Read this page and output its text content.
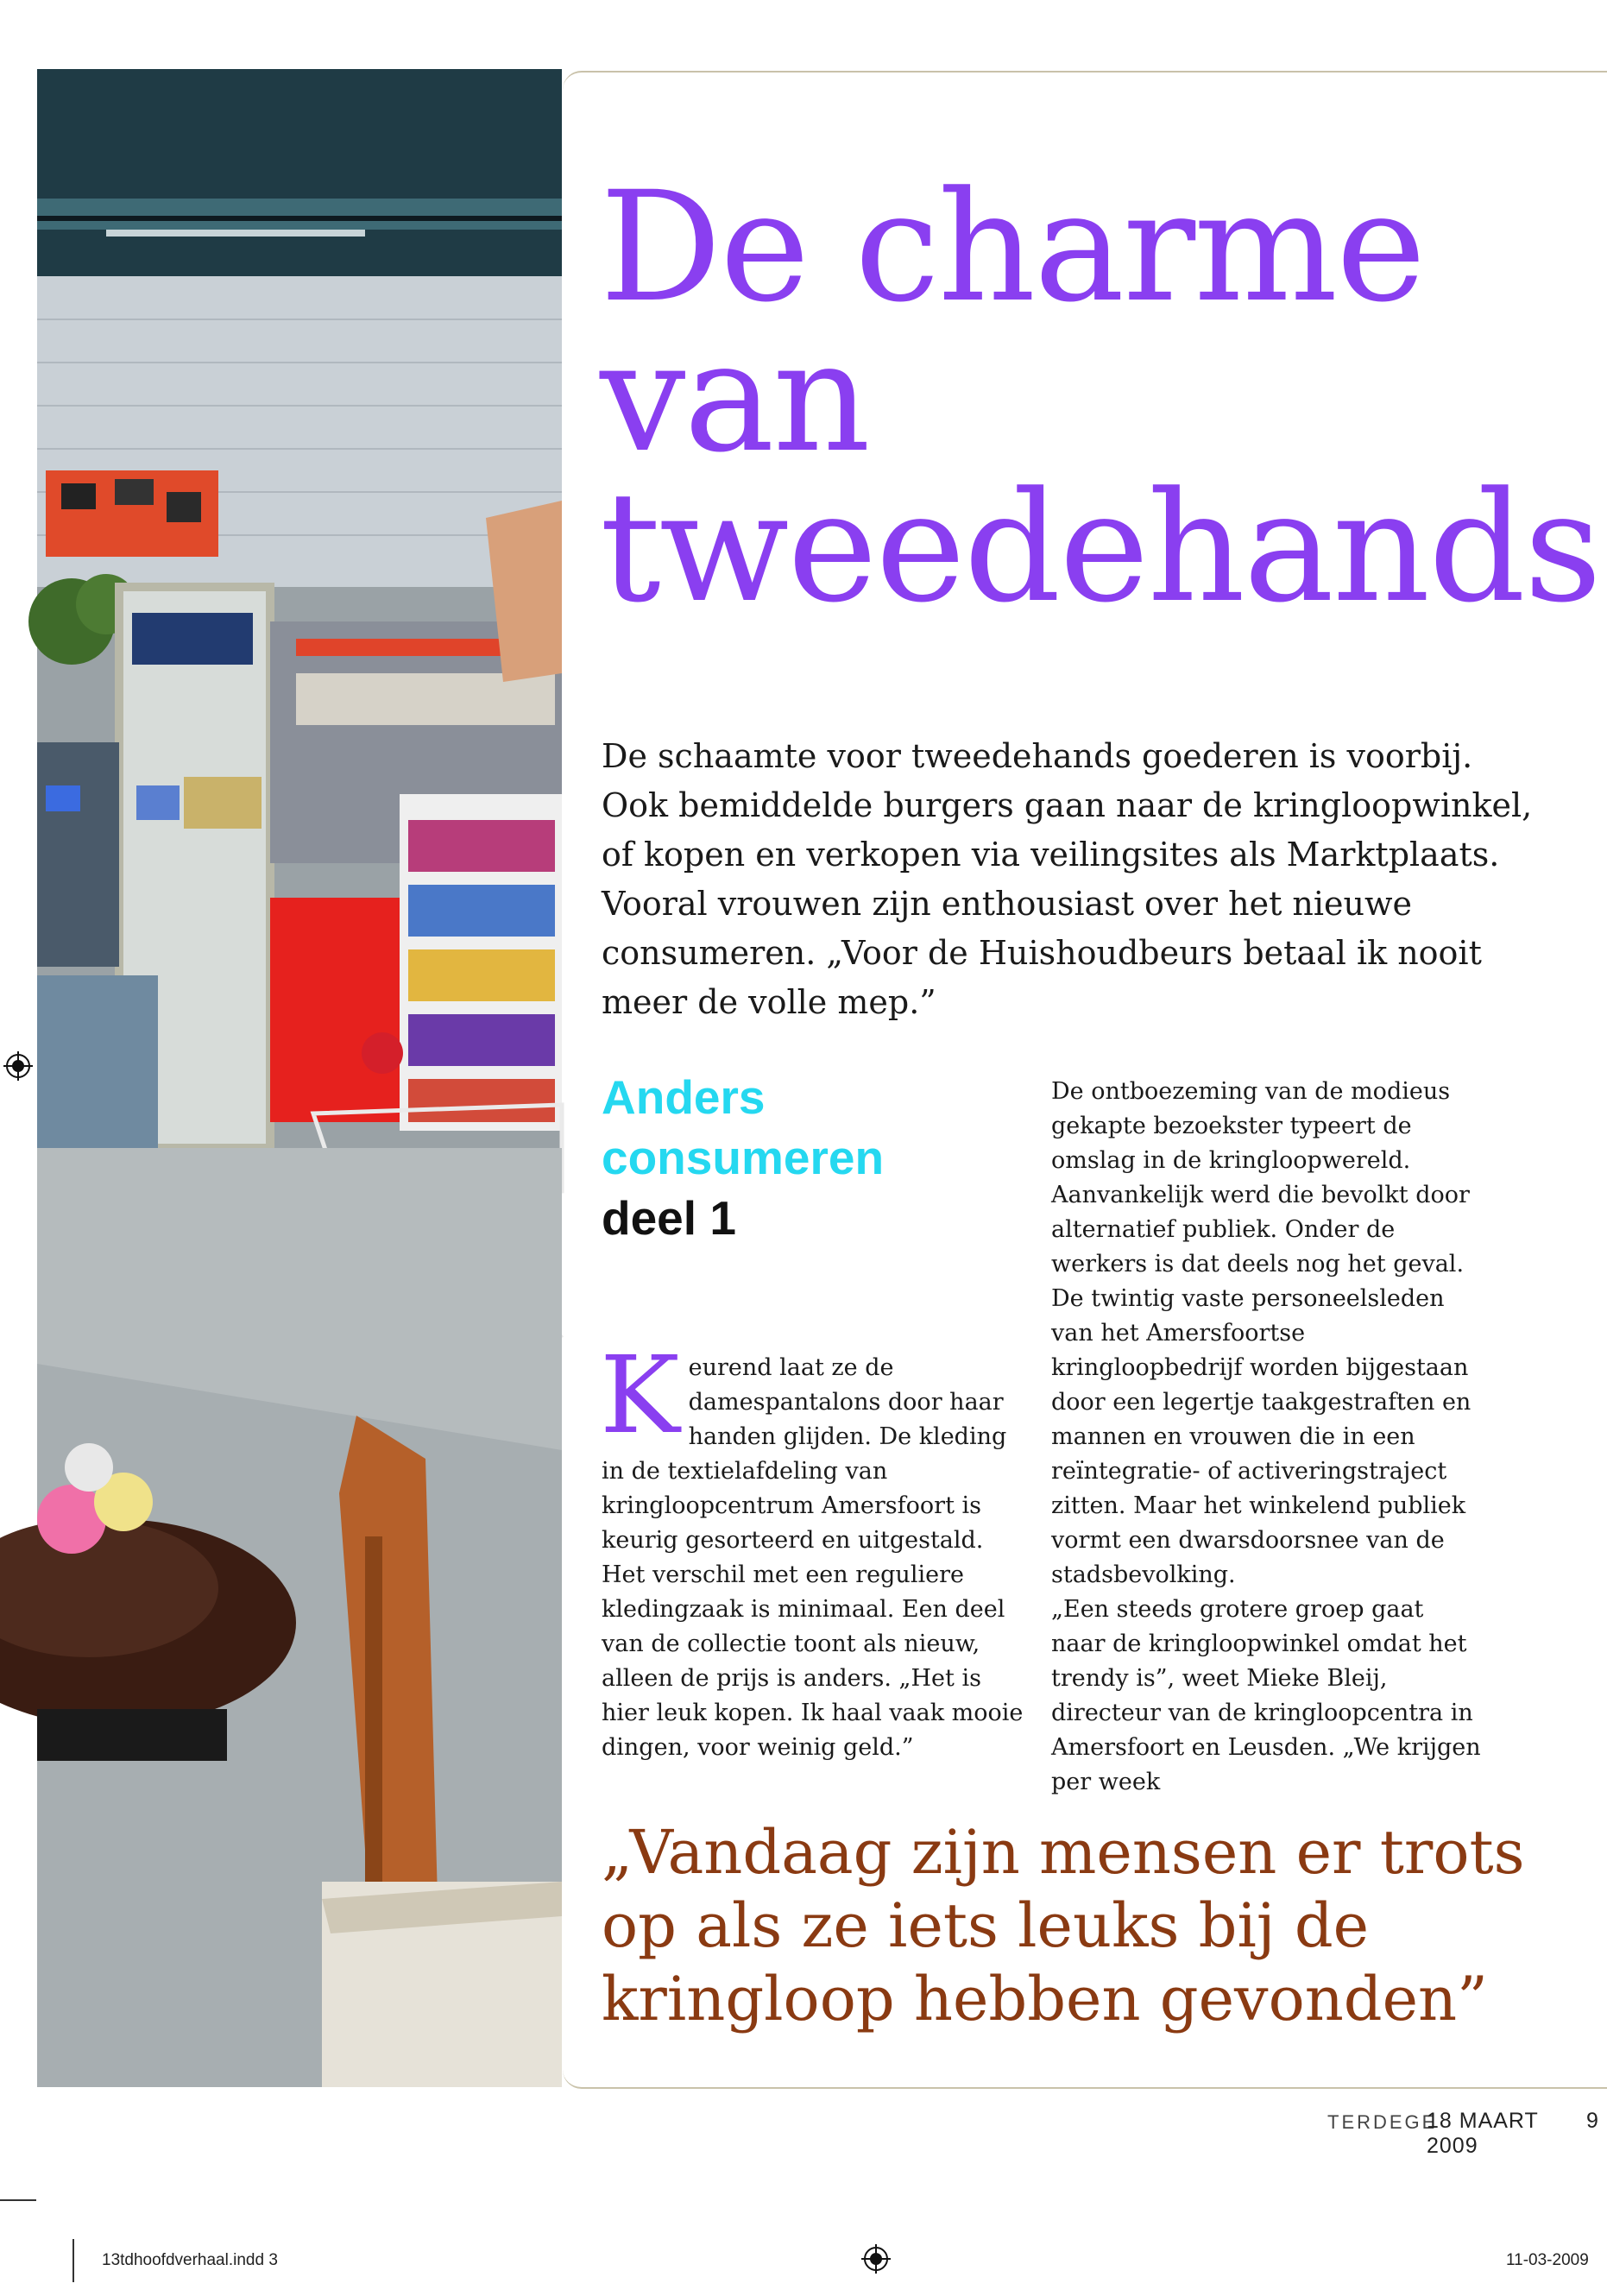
De charme van tweedehands

De schaamte voor tweedehands goederen is voorbij. Ook bemiddelde burgers gaan naar de kringloopwinkel, of kopen en verkopen via veilingsites als Marktplaats. Vooral vrouwen zijn enthousiast over het nieuwe consumeren. „Voor de Huishoudbeurs betaal ik nooit meer de volle mep.”

Anders
consumeren
deel 1

Keurend laat ze de damespantalons door haar handen glijden. De kleding in de textielafdeling van kringloopcentrum Amersfoort is keurig gesorteerd en uitgestald. Het verschil met een reguliere kledingzaak is minimaal. Een deel van de collectie toont als nieuw, alleen de prijs is anders. „Het is hier leuk kopen. Ik haal vaak mooie dingen, voor weinig geld.”

De ontboezeming van de modieus gekapte bezoekster typeert de omslag in de kringloopwereld. Aanvankelijk werd die bevolkt door alternatief publiek. Onder de werkers is dat deels nog het geval. De twintig vaste personeelsleden van het Amersfoortse kringloopbedrijf worden bijgestaan door een legertje taakgestraften en mannen en vrouwen die in een reïntegratie- of activeringstraject zitten. Maar het winkelend publiek vormt een dwarsdoorsnee van de stadsbevolking.

„Een steeds grotere groep gaat naar de kringloopwinkel omdat het trendy is”, weet Mieke Bleij, directeur van de kringloopcentra in Amersfoort en Leusden. „We krijgen per week

„Vandaag zijn mensen er trots op als ze iets leuks bij de kringloop hebben gevonden”

TERDEGE
18 MAART 2009
9
13tdhoofdverhaal.indd 3	11-03-2009
